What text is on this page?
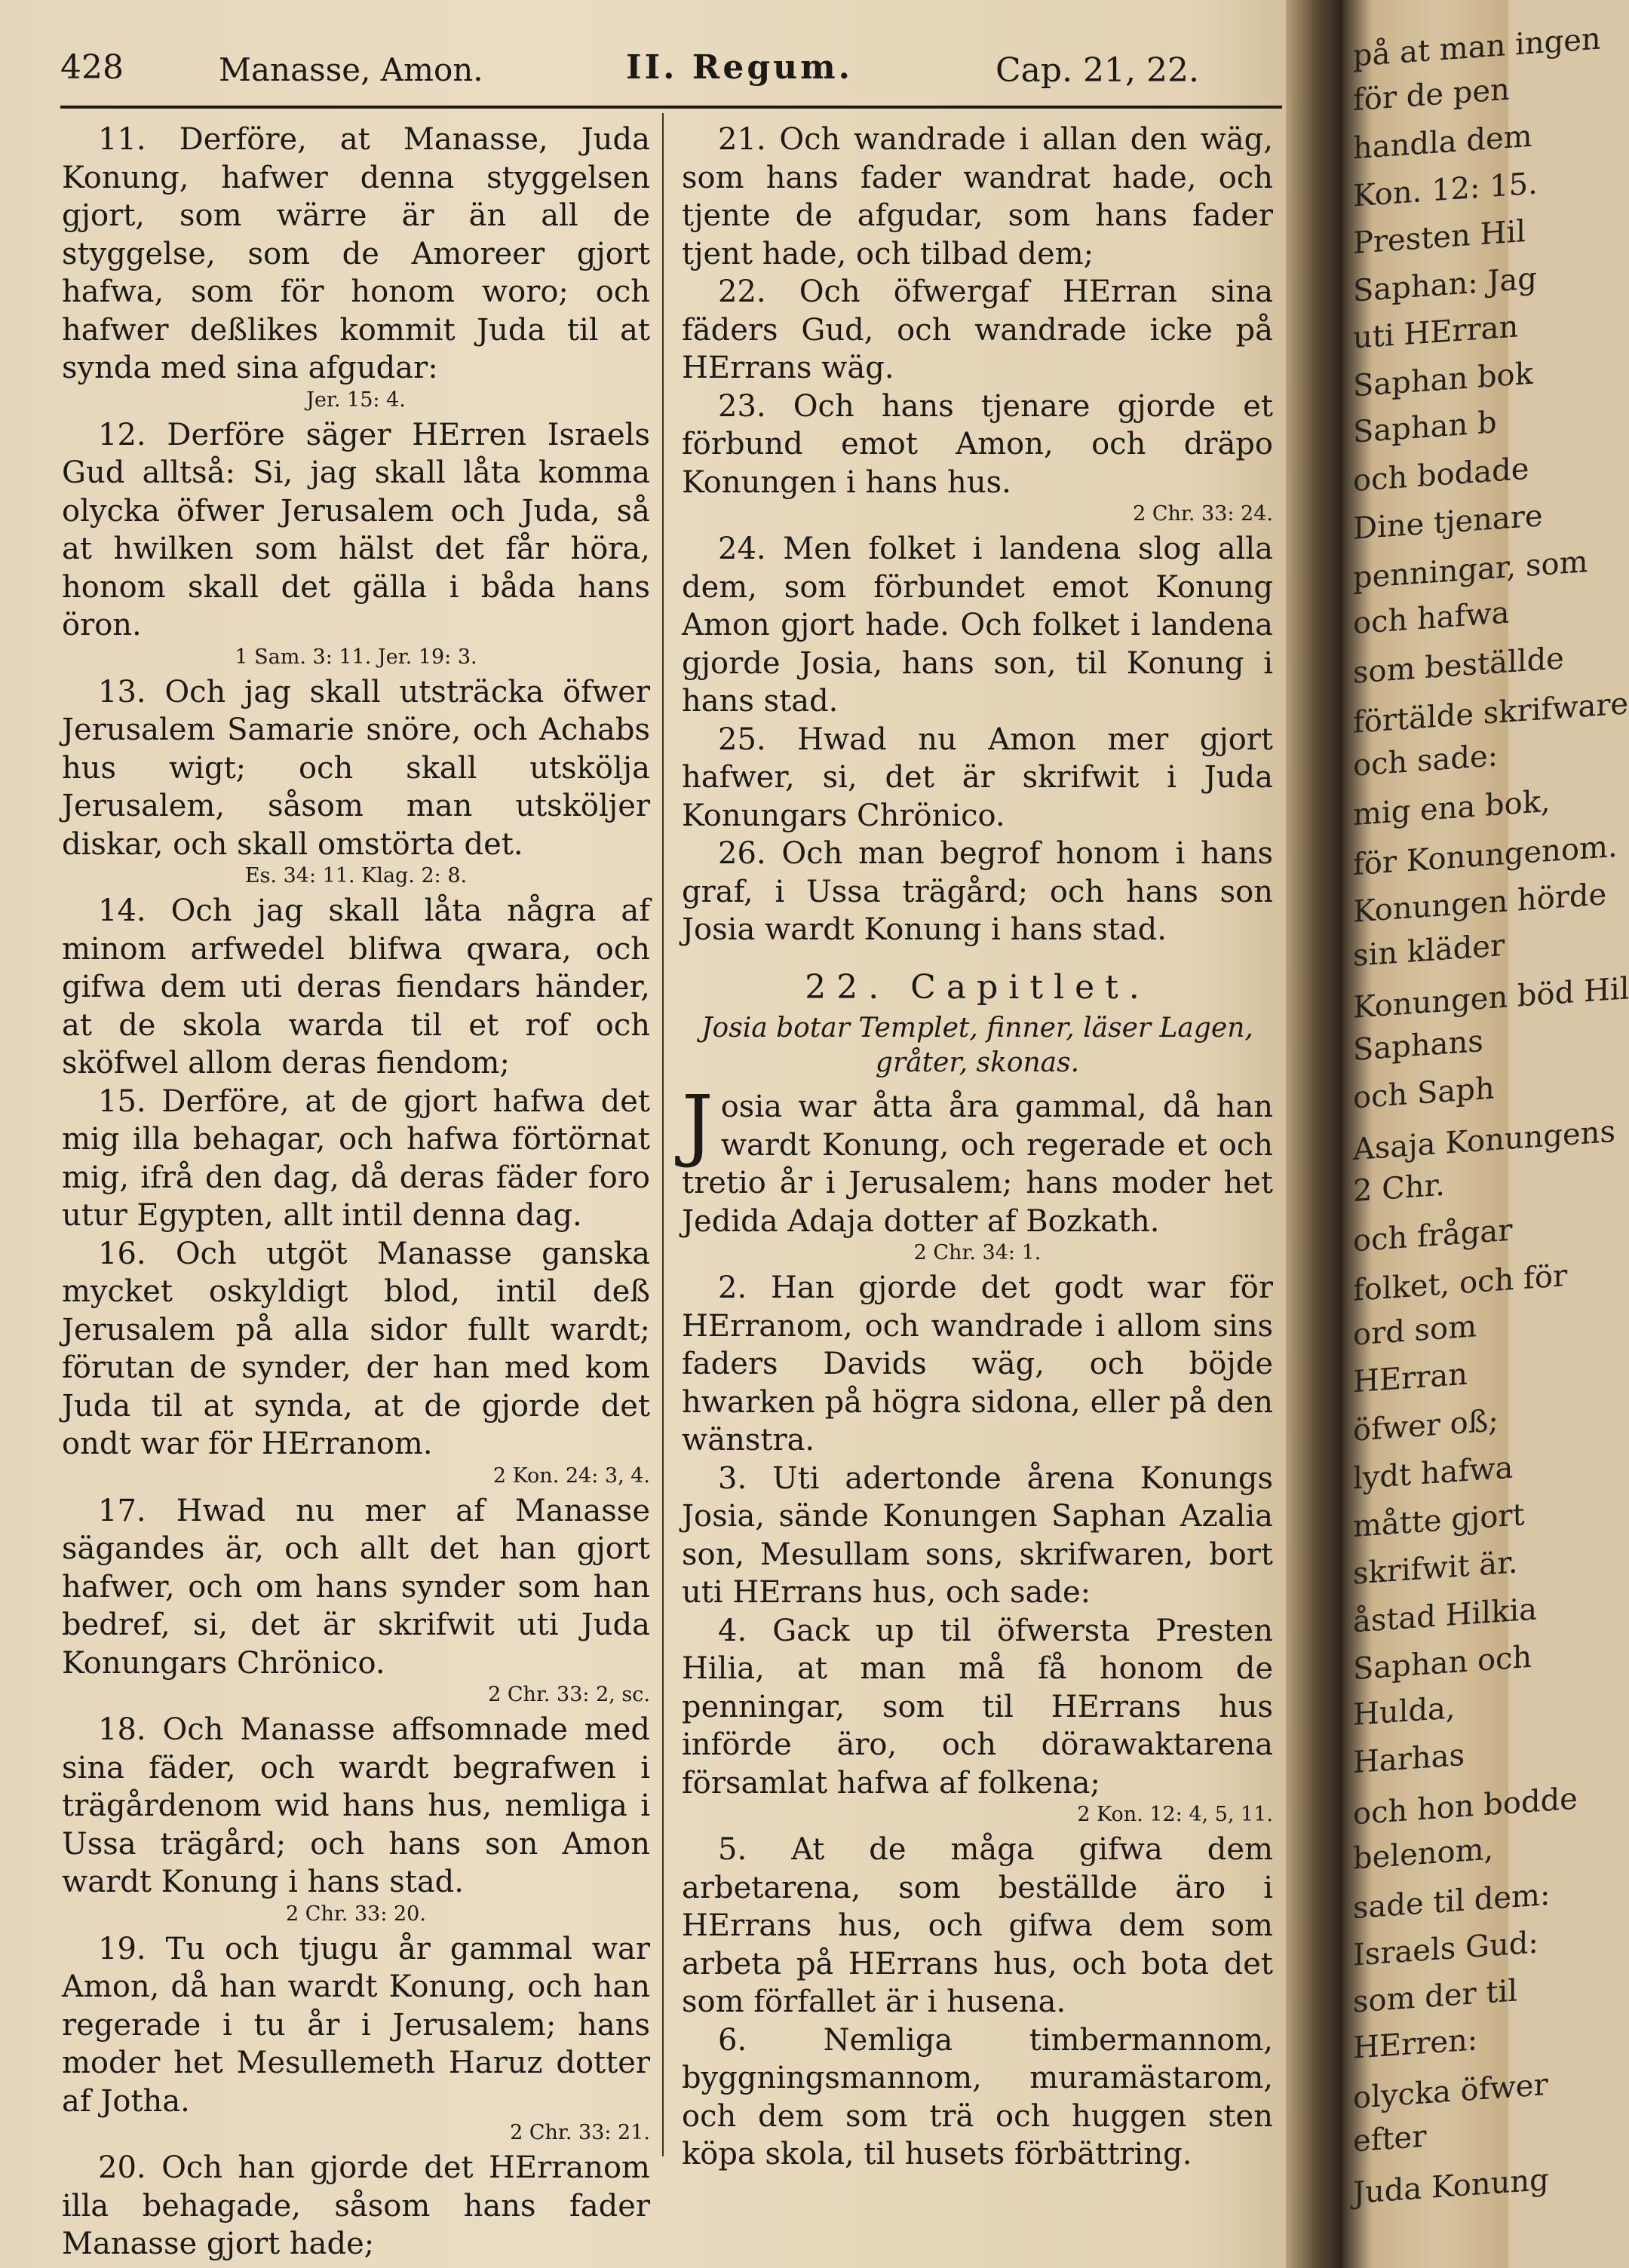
428	Manasse, Amon.	II. Regum.	Cap. 21, 22.

11. Derföre, at Manasse, Juda Konung, hafwer denna styggelsen gjort, som wärre är än all de styggelse, som de Amoreer gjort hafwa, som för honom woro; och hafwer deßlikes kommit Juda til at synda med sina afgudar:

Jer. 15: 4.

12. Derföre säger HErren Israels Gud alltså: Si, jag skall låta komma olycka öfwer Jerusalem och Juda, så at hwilken som hälst det får höra, honom skall det gälla i båda hans öron.

1 Sam. 3: 11. Jer. 19: 3.

13. Och jag skall utsträcka öfwer Jerusalem Samarie snöre, och Achabs hus wigt; och skall utskölja Jerusalem, såsom man utsköljer diskar, och skall omstörta det.

Es. 34: 11. Klag. 2: 8.

14. Och jag skall låta några af minom arfwedel blifwa qwara, och gifwa dem uti deras fiendars händer, at de skola warda til et rof och sköfwel allom deras fiendom;

15. Derföre, at de gjort hafwa det mig illa behagar, och hafwa förtörnat mig, ifrå den dag, då deras fäder foro utur Egypten, allt intil denna dag.

16. Och utgöt Manasse ganska mycket oskyldigt blod, intil deß Jerusalem på alla sidor fullt wardt; förutan de synder, der han med kom Juda til at synda, at de gjorde det ondt war för HErranom.

2 Kon. 24: 3, 4.

17. Hwad nu mer af Manasse sägandes är, och allt det han gjort hafwer, och om hans synder som han bedref, si, det är skrifwit uti Juda Konungars Chrönico.

2 Chr. 33: 2, sc.

18. Och Manasse affsomnade med sina fäder, och wardt begrafwen i trägårdenom wid hans hus, nemliga i Ussa trägård; och hans son Amon wardt Konung i hans stad.

2 Chr. 33: 20.

19. Tu och tjugu år gammal war Amon, då han wardt Konung, och han regerade i tu år i Jerusalem; hans moder het Mesullemeth Haruz dotter af Jotha.

2 Chr. 33: 21.

20. Och han gjorde det HErranom illa behagade, såsom hans fader Manasse gjort hade;

21. Och wandrade i allan den wäg, som hans fader wandrat hade, och tjente de afgudar, som hans fader tjent hade, och tilbad dem;

22. Och öfwergaf HErran sina fäders Gud, och wandrade icke på HErrans wäg.

23. Och hans tjenare gjorde et förbund emot Amon, och dräpo Konungen i hans hus.

2 Chr. 33: 24.

24. Men folket i landena slog alla dem, som förbundet emot Konung Amon gjort hade. Och folket i landena gjorde Josia, hans son, til Konung i hans stad.

25. Hwad nu Amon mer gjort hafwer, si, det är skrifwit i Juda Konungars Chrönico.

26. Och man begrof honom i hans graf, i Ussa trägård; och hans son Josia wardt Konung i hans stad.

22. Capitlet.
Josia botar Templet, finner, läser Lagen, gråter, skonas.

Josia war åtta åra gammal, då han wardt Konung, och regerade et och tretio år i Jerusalem; hans moder het Jedida Adaja dotter af Bozkath.

2 Chr. 34: 1.

2. Han gjorde det godt war för HErranom, och wandrade i allom sins faders Davids wäg, och böjde hwarken på högra sidona, eller på den wänstra.

3. Uti adertonde årena Konungs Josia, sände Konungen Saphan Azalia son, Mesullam sons, skrifwaren, bort uti HErrans hus, och sade:

4. Gack up til öfwersta Presten Hilia, at man må få honom de penningar, som til HErrans hus införde äro, och dörawaktarena församlat hafwa af folkena;

2 Kon. 12: 4, 5, 11.

5. At de måga gifwa dem arbetarena, som beställde äro i HErrans hus, och gifwa dem som arbeta på HErrans hus, och bota det som förfallet är i husena.

6. Nemliga timbermannom, byggningsmannom, muramästarom, och dem som trä och huggen sten köpa skola, til husets förbättring.

på at man ingen
för de pen
handla dem
Kon. 12: 15.
Presten Hil
Saphan: Jag
uti HErran
Saphan bok
Saphan b
och bodade
Dine tjenare
penningar, som
och hafwa
som beställde
förtälde skrifware
och sade:
mig ena bok,
för Konungenom.
Konungen hörde
sin kläder
Konungen böd Hil
Saphans
och Saph
Asaja Konungens
2 Chr.
och frågar
folket, och för
ord som
HErran
öfwer oß;
lydt hafwa
måtte gjort
skrifwit är.
åstad Hilkia
Saphan och
Hulda,
Harhas
och hon bodde
belenom,
sade til dem:
Israels Gud:
som der til
HErren:
olycka öfwer
efter
Juda Konung
